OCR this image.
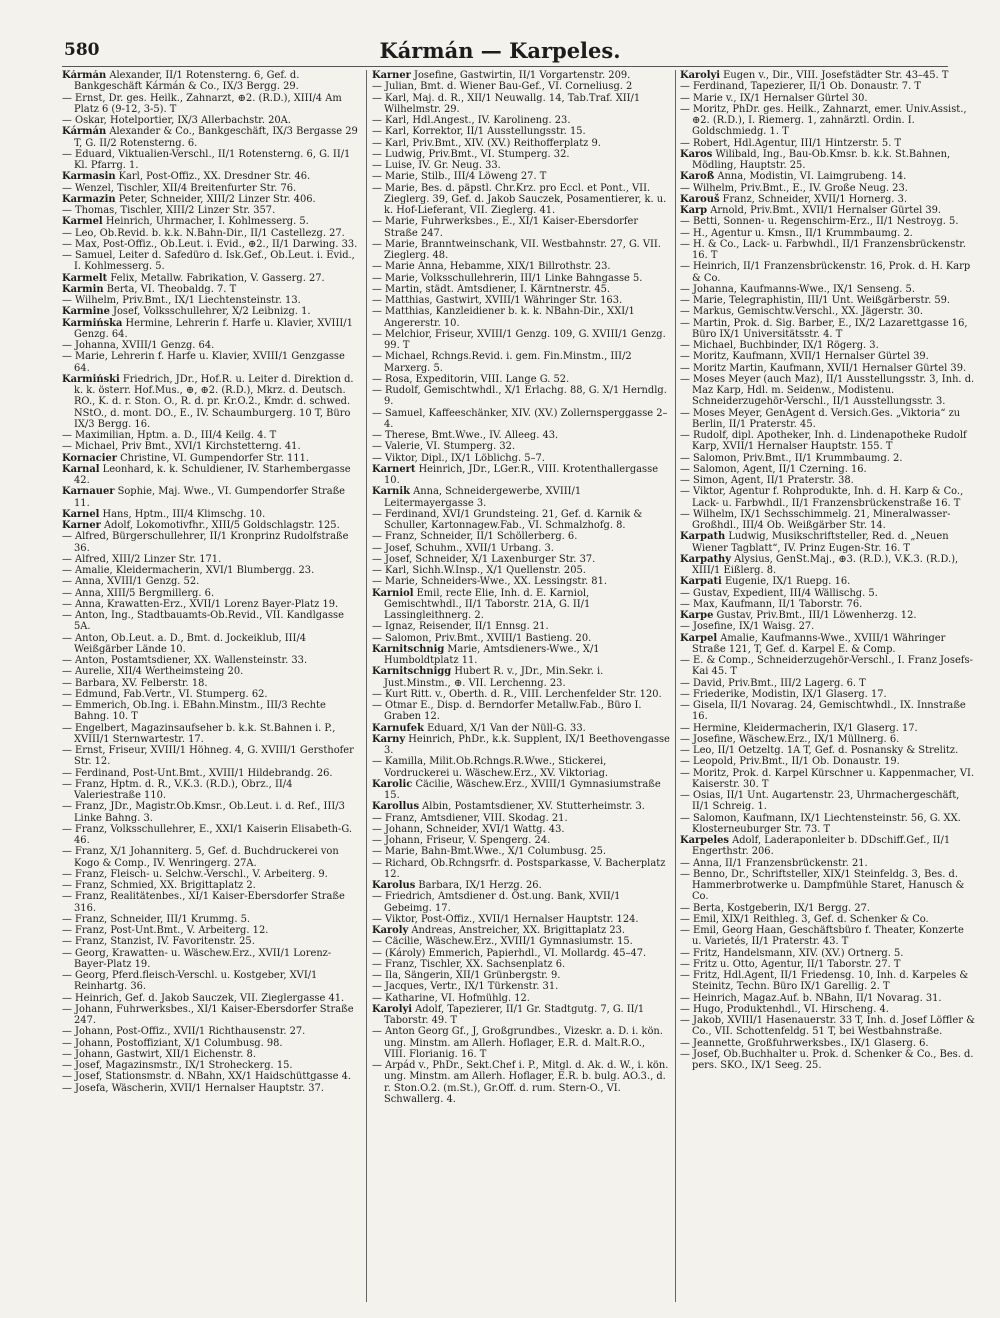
580	Kármán — Karpeles.

Kármán Alexander, II/1 Rotensterng. 6, Gef. d. Bankgeschäft Kármán & Co., IX/3 Bergg. 29.

— Ernst, Dr. ges. Heilk., Zahnarzt, ⊕2. (R.D.), XIII/4 Am Platz 6 (9-12, 3-5). T

— Oskar, Hotelportier, IX/3 Allerbachstr. 20A.

Kármán Alexander & Co., Bankgeschäft, IX/3 Bergasse 29 T, G. II/2 Rotensterng. 6.

— Eduard, Viktualien-Verschl., II/1 Rotensterng. 6, G. II/1 Kl. Pfarrg. 1.

Karmasin Karl, Post-Offiz., XX. Dresdner Str. 46.

— Wenzel, Tischler, XII/4 Breitenfurter Str. 76.

Karmazin Peter, Schneider, XIII/2 Linzer Str. 406.

— Thomas, Tischler, XIII/2 Linzer Str. 357.

Karmel Heinrich, Uhrmacher, I. Kohlmesserg. 5.

— Leo, Ob.Revid. b. k.k. N.Bahn-Dir., II/1 Castellezg. 27.

— Max, Post-Offiz., Ob.Leut. i. Evid., ⊕2., II/1 Darwing. 33.

— Samuel, Leiter d. Safedüro d. Isk.Gef., Ob.Leut. i. Evid., I. Kohlmesserg. 5.

Karmelt Felix, Metallw. Fabrikation, V. Gasserg. 27.

Karmin Berta, VI. Theobaldg. 7. T

— Wilhelm, Priv.Bmt., IX/1 Liechtensteinstr. 13.

Karmine Josef, Volksschullehrer, X/2 Leibnizg. 1.

Karmińska Hermine, Lehrerin f. Harfe u. Klavier, XVIII/1 Genzg. 64.

— Johanna, XVIII/1 Genzg. 64.

— Marie, Lehrerin f. Harfe u. Klavier, XVIII/1 Genzgasse 64.

Karmiński Friedrich, JDr., Hof.R. u. Leiter d. Direktion d. k. k. österr. Hof.Mus., ⊕, ⊕2. (R.D.), Mkrz. d. Deutsch. RO., K. d. r. Ston. O., R. d. pr. Kr.O.2., Kmdr. d. schwed. NStO., d. mont. DO., E., IV. Schaumburgerg. 10 T, Büro IX/3 Bergg. 16.

— Maximilian, Hptm. a. D., III/4 Keilg. 4. T

— Michael, Priv Bmt., XVI/1 Kirchstetterng. 41.

Kornacier Christine, VI. Gumpendorfer Str. 111.

Karnal Leonhard, k. k. Schuldiener, IV. Starhembergasse 42.

Karnauer Sophie, Maj. Wwe., VI. Gumpendorfer Straße 11.

Karnel Hans, Hptm., III/4 Klimschg. 10.

Karner Adolf, Lokomotivfhr., XIII/5 Goldschlagstr. 125.

— Alfred, Bürgerschullehrer, II/1 Kronprinz Rudolfstraße 36.

— Alfred, XIII/2 Linzer Str. 171.

— Amalie, Kleidermacherin, XVI/1 Blumbergg. 23.

— Anna, XVIII/1 Genzg. 52.

— Anna, XIII/5 Bergmillerg. 6.

— Anna, Krawatten-Erz., XVII/1 Lorenz Bayer-Platz 19.

— Anton, Ing., Stadtbauamts-Ob.Revid., VII. Kandlgasse 5A.

— Anton, Ob.Leut. a. D., Bmt. d. Jockeiklub, III/4 Weißgärber Lände 10.

— Anton, Postamtsdiener, XX. Wallensteinstr. 33.

— Aurelie, XII/4 Wertheimsteing 20.

— Barbara, XV. Felberstr. 18.

— Edmund, Fab.Vertr., VI. Stumperg. 62.

— Emmerich, Ob.Ing. i. EBahn.Minstm., III/3 Rechte Bahng. 10. T

— Engelbert, Magazinsaufseher b. k.k. St.Bahnen i. P., XVIII/1 Sternwartestr. 17.

— Ernst, Friseur, XVIII/1 Höhneg. 4, G. XVIII/1 Gersthofer Str. 12.

— Ferdinand, Post-Unt.Bmt., XVIII/1 Hildebrandg. 26.

— Franz, Hptm. d. R., V.K.3. (R.D.), Obrz., II/4 Valeriestraße 110.

— Franz, JDr., Magistr.Ob.Kmsr., Ob.Leut. i. d. Ref., III/3 Linke Bahng. 3.

— Franz, Volksschullehrer, E., XXI/1 Kaiserin Elisabeth-G. 46.

— Franz, X/1 Johanniterg. 5, Gef. d. Buchdruckerei von Kogo & Comp., IV. Wenringerg. 27A.

— Franz, Fleisch- u. Selchw.-Verschl., V. Arbeiterg. 9.

— Franz, Schmied, XX. Brigittaplatz 2.

— Franz, Realitätenbes., XI/1 Kaiser-Ebersdorfer Straße 316.

— Franz, Schneider, III/1 Krummg. 5.

— Franz, Post-Unt.Bmt., V. Arbeiterg. 12.

— Franz, Stanzist, IV. Favoritenstr. 25.

— Georg, Krawatten- u. Wäschew.Erz., XVII/1 Lorenz-Bayer-Platz 19.

— Georg, Pferd.fleisch-Verschl. u. Kostgeber, XVI/1 Reinhartg. 36.

— Heinrich, Gef. d. Jakob Sauczek, VII. Zieglergasse 41.

— Johann, Fuhrwerksbes., XI/1 Kaiser-Ebersdorfer Straße 247.

— Johann, Post-Offiz., XVII/1 Richthausenstr. 27.

— Johann, Postoffiziant, X/1 Columbusg. 98.

— Johann, Gastwirt, XII/1 Eichenstr. 8.

— Josef, Magazinsmstr., IX/1 Stroheckerg. 15.

— Josef, Stationsmstr. d. NBahn, XX/1 Haidschüttgasse 4.

— Josefa, Wäscherin, XVII/1 Hernalser Hauptstr. 37.

Karner Josefine, Gastwirtin, II/1 Vorgartenstr. 209.

— Julian, Bmt. d. Wiener Bau-Gef., VI. Corneliusg. 2

— Karl, Maj. d. R., XII/1 Neuwallg. 14, Tab.Traf. XII/1 Wilhelmstr. 29.

— Karl, Hdl.Angest., IV. Karolineng. 23.

— Karl, Korrektor, II/1 Ausstellungsstr. 15.

— Karl, Priv.Bmt., XIV. (XV.) Reithofferplatz 9.

— Ludwig, Priv.Bmt., VI. Stumperg. 32.

— Luise, IV. Gr. Neug. 33.

— Marie, Stilb., III/4 Löweng 27. T

— Marie, Bes. d. päpstl. Chr.Krz. pro Eccl. et Pont., VII. Zieglerg. 39, Gef. d. Jakob Sauczek, Posamentierer, k. u. k. Hof-Lieferant, VII. Zieglerg. 41.

— Marie, Fuhrwerksbes., E., XI/1 Kaiser-Ebersdorfer Straße 247.

— Marie, Branntweinschank, VII. Westbahnstr. 27, G. VII. Zieglerg. 48.

— Marie Anna, Hebamme, XIX/1 Billrothstr. 23.

— Marie, Volksschullehrerin, III/1 Linke Bahngasse 5.

— Martin, städt. Amtsdiener, I. Kärntnerstr. 45.

— Matthias, Gastwirt, XVIII/1 Währinger Str. 163.

— Matthias, Kanzleidiener b. k. k. NBahn-Dir., XXI/1 Angererstr. 10.

— Melchior, Friseur, XVIII/1 Genzg. 109, G. XVIII/1 Genzg. 99. T

— Michael, Rchngs.Revid. i. gem. Fin.Minstm., III/2 Marxerg. 5.

— Rosa, Expeditorin, VIII. Lange G. 52.

— Rudolf, Gemischtwhdl., X/1 Erlachg. 88, G. X/1 Herndlg. 9.

— Samuel, Kaffeeschänker, XIV. (XV.) Zollernsperggasse 2–4.

— Therese, Bmt.Wwe., IV. Alleeg. 43.

— Valerie, VI. Stumperg. 32.

— Viktor, Dipl., IX/1 Löblichg. 5–7.

Karnert Heinrich, JDr., LGer.R., VIII. Krotenthallergasse 10.

Karnik Anna, Schneidergewerbe, XVIII/1 Leitermayergasse 3.

— Ferdinand, XVI/1 Grundsteing. 21, Gef. d. Karnik & Schuller, Kartonnagew.Fab., VI. Schmalzhofg. 8.

— Franz, Schneider, II/1 Schöllerberg. 6.

— Josef, Schuhm., XVII/1 Urbang. 3.

— Josef, Schneider, X/1 Laxenburger Str. 37.

— Karl, Sichh.W.Insp., X/1 Quellenstr. 205.

— Marie, Schneiders-Wwe., XX. Lessingstr. 81.

Karniol Emil, recte Elie, Inh. d. E. Karniol, Gemischtwhdl., II/1 Taborstr. 21A, G. II/1 Lassingleithnerg. 2.

— Ignaz, Reisender, II/1 Ennsg. 21.

— Salomon, Priv.Bmt., XVIII/1 Bastieng. 20.

Karnitschnig Marie, Amtsdieners-Wwe., X/1 Humboldtplatz 11.

Karnitschnigg Hubert R. v., JDr., Min.Sekr. i. Just.Minstm., ⊕. VII. Lerchenng. 23.

— Kurt Ritt. v., Oberth. d. R., VIII. Lerchenfelder Str. 120.

— Otmar E., Disp. d. Berndorfer Metallw.Fab., Büro I. Graben 12.

Karnufek Eduard, X/1 Van der Nüll-G. 33.

Karny Heinrich, PhDr., k.k. Supplent, IX/1 Beethovengasse 3.

— Kamilla, Milit.Ob.Rchngs.R.Wwe., Stickerei, Vordruckerei u. Wäschew.Erz., XV. Viktoriag.

Karolic Cäcilie, Wäschew.Erz., XVIII/1 Gymnasiumstraße 15.

Karollus Albin, Postamtsdiener, XV. Stutterheimstr. 3.

— Franz, Amtsdiener, VIII. Skodag. 21.

— Johann, Schneider, XVI/1 Wattg. 43.

— Johann, Friseur, V. Spengerg. 24.

— Marie, Bahn-Bmt.Wwe., X/1 Columbusg. 25.

— Richard, Ob.Rchngsrfr. d. Postsparkasse, V. Bacherplatz 12.

Karolus Barbara, IX/1 Herzg. 26.

— Friedrich, Amtsdiener d. Öst.ung. Bank, XVII/1 Gebeimg. 17.

— Viktor, Post-Offiz., XVII/1 Hernalser Hauptstr. 124.

Karoly Andreas, Anstreicher, XX. Brigittaplatz 23.

— Cäcilie, Wäschew.Erz., XVIII/1 Gymnasiumstr. 15.

— (Károly) Emmerich, Papierhdl., VI. Mollardg. 45–47.

— Franz, Tischler, XX. Sachsenplatz 6.

— Ila, Sängerin, XII/1 Grünbergstr. 9.

— Jacques, Vertr., IX/1 Türkenstr. 31.

— Katharine, VI. Hofmühlg. 12.

Karolyi Adolf, Tapezierer, II/1 Gr. Stadtgutg. 7, G. II/1 Taborstr. 49. T

— Anton Georg Gf., J, Großgrundbes., Vizeskr. a. D. i. kön. ung. Minstm. am Allerh. Hoflager, E.R. d. Malt.R.O., VIII. Florianig. 16. T

— Arpád v., PhDr., Sekt.Chef i. P., Mitgl. d. Ak. d. W., i. kön. ung. Minstm. am Allerh. Hoflager, E.R. b. bulg. AO.3., d. r. Ston.O.2. (m.St.), Gr.Off. d. rum. Stern-O., VI. Schwallerg. 4.

Karolyi Eugen v., Dir., VIII. Josefstädter Str. 43–45. T

— Ferdinand, Tapezierer, II/1 Ob. Donaustr. 7. T

— Marie v., IX/1 Hernalser Gürtel 30.

— Moritz, PhDr. ges. Heilk., Zahnarzt, emer. Univ.Assist., ⊕2. (R.D.), I. Riemerg. 1, zahnärztl. Ordin. I. Goldschmiedg. 1. T

— Robert, Hdl.Agentur, III/1 Hintzerstr. 5. T

Karos Wilibald, Ing., Bau-Ob.Kmsr. b. k.k. St.Bahnen, Mödling, Hauptstr. 25.

Karoß Anna, Modistin, VI. Laimgrubeng. 14.

— Wilhelm, Priv.Bmt., E., IV. Große Neug. 23.

Karouš Franz, Schneider, XVII/1 Hornerg. 3.

Karp Arnold, Priv.Bmt., XVII/1 Hernalser Gürtel 39.

— Betti, Sonnen- u. Regenschirm-Erz., II/1 Nestroyg. 5.

— H., Agentur u. Kmsn., II/1 Krummbaumg. 2.

— H. & Co., Lack- u. Farbwhdl., II/1 Franzensbrückenstr. 16. T

— Heinrich, II/1 Franzensbrückenstr. 16, Prok. d. H. Karp & Co.

— Johanna, Kaufmanns-Wwe., IX/1 Senseng. 5.

— Marie, Telegraphistin, III/1 Unt. Weißgärberstr. 59.

— Markus, Gemischtw.Verschl., XX. Jägerstr. 30.

— Martin, Prok. d. Sig. Barber, E., IX/2 Lazarettgasse 16, Büro IX/1 Universitätsstr. 4. T

— Michael, Buchbinder, IX/1 Rögerg. 3.

— Moritz, Kaufmann, XVII/1 Hernalser Gürtel 39.

— Moritz Martin, Kaufmann, XVII/1 Hernalser Gürtel 39.

— Moses Meyer (auch Maz), II/1 Ausstellungsstr. 3, Inh. d. Maz Karp, Hdl. m. Seidenw., Modistenu. Schneiderzugehör-Verschl., II/1 Ausstellungsstr. 3.

— Moses Meyer, GenAgent d. Versich.Ges. „Viktoria“ zu Berlin, II/1 Praterstr. 45.

— Rudolf, dipl. Apotheker, Inh. d. Lindenapotheke Rudolf Karp, XVII/1 Hernalser Hauptstr. 155. T

— Salomon, Priv.Bmt., II/1 Krummbaumg. 2.

— Salomon, Agent, II/1 Czerning. 16.

— Simon, Agent, II/1 Praterstr. 38.

— Viktor, Agentur f. Rohprodukte, Inh. d. H. Karp & Co., Lack- u. Farbwhdl., II/1 Franzensbrückenstraße 16. T

— Wilhelm, IX/1 Sechsschimmelg. 21, Mineralwasser-Großhdl., III/4 Ob. Weißgärber Str. 14.

Karpath Ludwig, Musikschriftsteller, Red. d. „Neuen Wiener Tagblatt“, IV. Prinz Eugen-Str. 16. T

Karpathy Alysius, GenSt.Maj., ⊕3. (R.D.), V.K.3. (R.D.), XIII/1 Eißlerg. 8.

Karpati Eugenie, IX/1 Ruepg. 16.

— Gustav, Expedient, III/4 Wällischg. 5.

— Max, Kaufmann, II/1 Taborstr. 76.

Karpe Gustav, Priv.Bmt., III/1 Löwenherzg. 12.

— Josefine, IX/1 Waisg. 27.

Karpel Amalie, Kaufmanns-Wwe., XVIII/1 Währinger Straße 121, T, Gef. d. Karpel E. & Comp.

— E. & Comp., Schneiderzugehör-Verschl., I. Franz Josefs-Kai 45. T

— David, Priv.Bmt., III/2 Lagerg. 6. T

— Friederike, Modistin, IX/1 Glaserg. 17.

— Gisela, II/1 Novarag. 24, Gemischtwhdl., IX. Innstraße 16.

— Hermine, Kleidermacherin, IX/1 Glaserg. 17.

— Josefine, Wäschew.Erz., IX/1 Müllnerg. 6.

— Leo, II/1 Oetzeltg. 1A T, Gef. d. Posnansky & Strelitz.

— Leopold, Priv.Bmt., II/1 Ob. Donaustr. 19.

— Moritz, Prok. d. Karpel Kürschner u. Kappenmacher, VI. Kaiserstr. 30. T

— Osias, II/1 Unt. Augartenstr. 23, Uhrmachergeschäft, II/1 Schreig. 1.

— Salomon, Kaufmann, IX/1 Liechtensteinstr. 56, G. XX. Klosterneuburger Str. 73. T

Karpeles Adolf, Laderaponleiter b. DDschiff.Gef., II/1 Engerthstr. 206.

— Anna, II/1 Franzensbrückenstr. 21.

— Benno, Dr., Schriftsteller, XIX/1 Steinfeldg. 3, Bes. d. Hammerbrotwerke u. Dampfmühle Staret, Hanusch & Co.

— Berta, Kostgeberin, IX/1 Bergg. 27.

— Emil, XIX/1 Reithleg. 3, Gef. d. Schenker & Co.

— Emil, Georg Haan, Geschäftsbüro f. Theater, Konzerte u. Varietés, II/1 Praterstr. 43. T

— Fritz, Handelsmann, XIV. (XV.) Ortnerg. 5.

— Fritz u. Otto, Agentur, II/1 Taborstr. 27. T

— Fritz, Hdl.Agent, II/1 Friedensg. 10, Inh. d. Karpeles & Steinitz, Techn. Büro IX/1 Garellig. 2. T

— Heinrich, Magaz.Auf. b. NBahn, II/1 Novarag. 31.

— Hugo, Produktenhdl., VI. Hirscheng. 4.

— Jakob, XVIII/1 Hasenauerstr. 33 T, Inh. d. Josef Löffler & Co., VII. Schottenfeldg. 51 T, bei Westbahnstraße.

— Jeannette, Großfuhrwerksbes., IX/1 Glaserg. 6.

— Josef, Ob.Buchhalter u. Prok. d. Schenker & Co., Bes. d. pers. SKO., IX/1 Seeg. 25.
